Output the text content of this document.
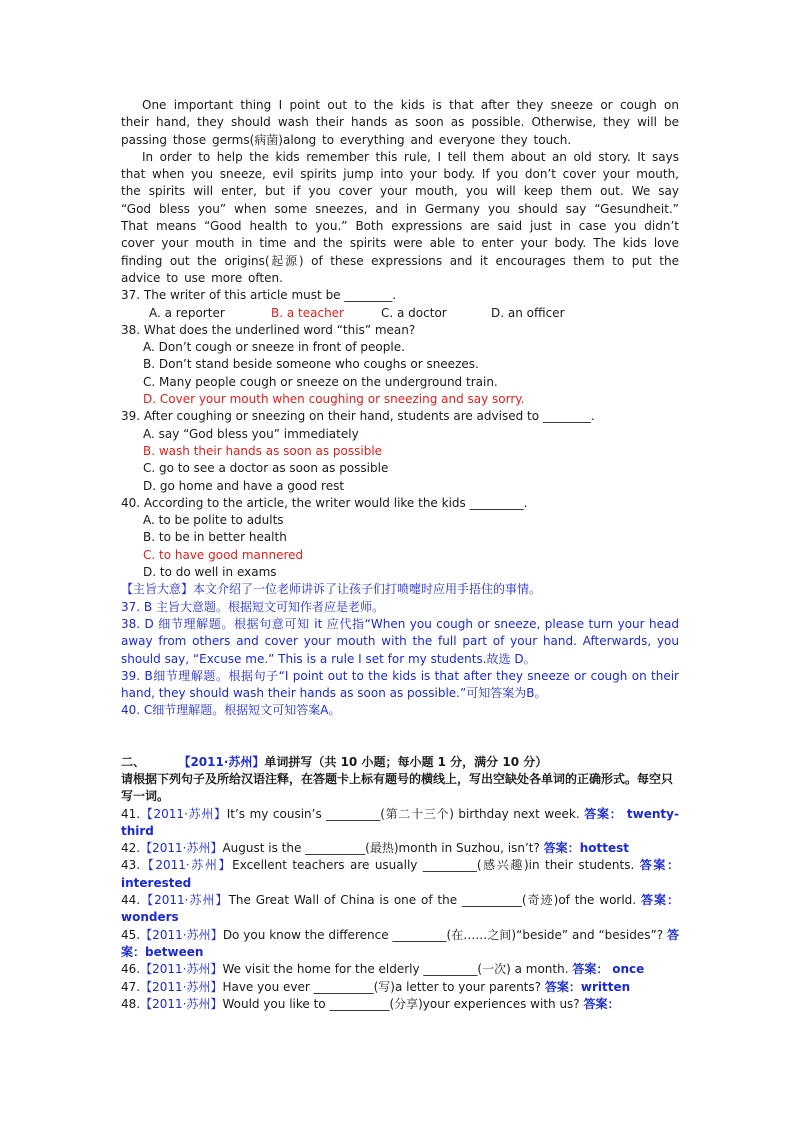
One important thing I point out to the kids is that after they sneeze or cough on their hand, they should wash their hands as soon as possible. Otherwise, they will be passing those germs(病菌)along to everything and everyone they touch.

In order to help the kids remember this rule, I tell them about an old story. It says that when you sneeze, evil spirits jump into your body. If you don’t cover your mouth, the spirits will enter, but if you cover your mouth, you will keep them out. We say “God bless you” when some sneezes, and in Germany you should say “Gesundheit.” That means “Good health to you.” Both expressions are said just in case you didn’t cover your mouth in time and the spirits were able to enter your body. The kids love finding out the origins(起源) of these expressions and it encourages them to put the advice to use more often.

37. The writer of this article must be ________.

A. a reporter	B. a teacher	C. a doctor	D. an officer

38. What does the underlined word “this” mean?

A. Don’t cough or sneeze in front of people.

B. Don’t stand beside someone who coughs or sneezes.

C. Many people cough or sneeze on the underground train.

D. Cover your mouth when coughing or sneezing and say sorry.

39. After coughing or sneezing on their hand, students are advised to ________.

A. say “God bless you” immediately

B. wash their hands as soon as possible

C. go to see a doctor as soon as possible

D. go home and have a good rest

40. According to the article, the writer would like the kids _________.

A. to be polite to adults

B. to be in better health

C. to have good mannered

D. to do well in exams

【主旨大意】本文介绍了一位老师讲诉了让孩子们打喷嚏时应用手捂住的事情。

37. B 主旨大意题。根据短文可知作者应是老师。

38. D 细节理解题。根据句意可知 it 应代指“When you cough or sneeze, please turn your head away from others and cover your mouth with the full part of your hand. Afterwards, you should say, “Excuse me.” This is a rule I set for my students.故选 D。

39. B细节理解题。根据句子“I point out to the kids is that after they sneeze or cough on their hand, they should wash their hands as soon as possible.”可知答案为B。

40. C细节理解题。根据短文可知答案A。

二、	【2011·苏州】单词拼写（共 10 小题；每小题 1 分，满分 10 分）

请根据下列句子及所给汉语注释，在答题卡上标有题号的横线上，写出空缺处各单词的正确形式。每空只写一词。

41.【2011·苏州】It’s my cousin’s _________(第二十三个) birthday next week. 答案： twenty-third

42.【2011·苏州】August is the __________(最热)month in Suzhou, isn’t? 答案：hottest

43.【2011·苏州】Excellent teachers are usually _________(感兴趣)in their students. 答案： interested

44.【2011·苏州】The Great Wall of China is one of the __________(奇迹)of the world. 答案：wonders

45.【2011·苏州】Do you know the difference _________(在……之间)“beside” and “besides”? 答案：between

46.【2011·苏州】We visit the home for the elderly _________(一次) a month. 答案： once

47.【2011·苏州】Have you ever __________(写)a letter to your parents? 答案：written

48.【2011·苏州】Would you like to __________(分享)your experiences with us? 答案：
